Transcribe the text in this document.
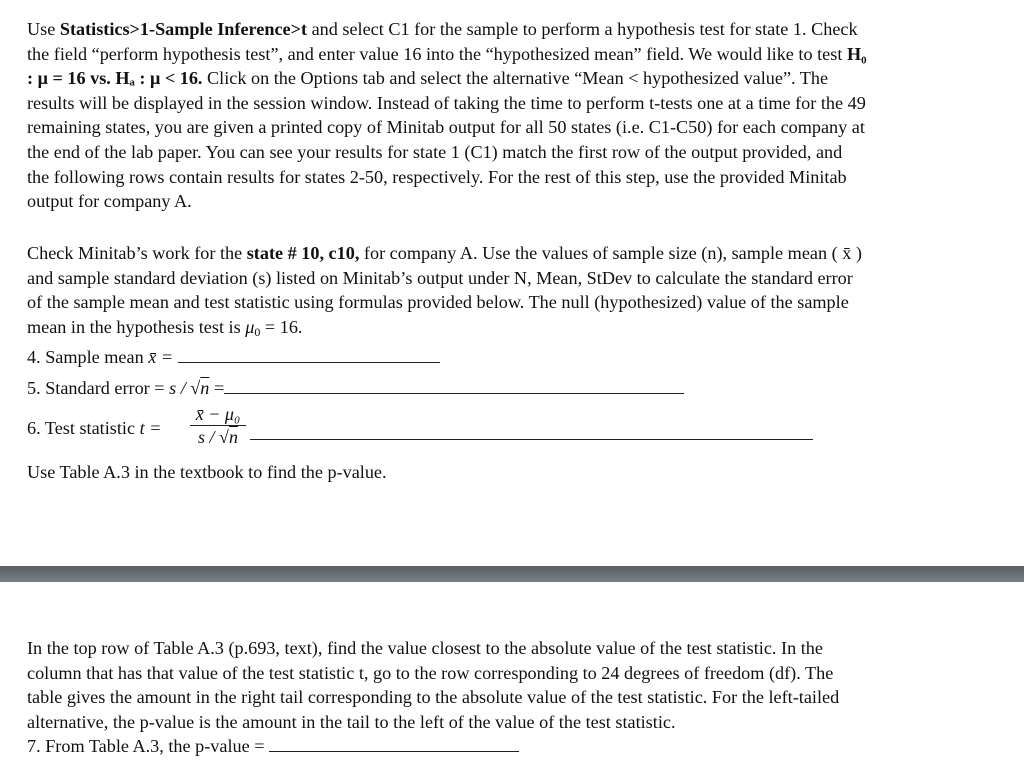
Use Statistics>1-Sample Inference>t and select C1 for the sample to perform a hypothesis test for state 1. Check
the field “perform hypothesis test”, and enter value 16 into the “hypothesized mean” field. We would like to test H₀
: μ = 16 vs. Hₐ : μ < 16. Click on the Options tab and select the alternative “Mean < hypothesized value”. The
results will be displayed in the session window. Instead of taking the time to perform t-tests one at a time for the 49
remaining states, you are given a printed copy of Minitab output for all 50 states (i.e. C1-C50) for each company at
the end of the lab paper. You can see your results for state 1 (C1) match the first row of the output provided, and
the following rows contain results for states 2-50, respectively. For the rest of this step, use the provided Minitab
output for company A.
Check Minitab’s work for the state # 10, c10, for company A. Use the values of sample size (n), sample mean ( x̄ )
and sample standard deviation (s) listed on Minitab’s output under N, Mean, StDev to calculate the standard error
of the sample mean and test statistic using formulas provided below. The null (hypothesized) value of the sample
mean in the hypothesis test is $\mu_0 = 16$.
4. Sample mean x̄ =
5. Standard error = s / √n =
6. Test statistic t =
x̄ − μ₀
s / √n
Use Table A.3 in the textbook to find the p-value.
In the top row of Table A.3 (p.693, text), find the value closest to the absolute value of the test statistic. In the
column that has that value of the test statistic t, go to the row corresponding to 24 degrees of freedom (df). The
table gives the amount in the right tail corresponding to the absolute value of the test statistic. For the left-tailed
alternative, the p-value is the amount in the tail to the left of the value of the test statistic.
7. From Table A.3, the p-value =
